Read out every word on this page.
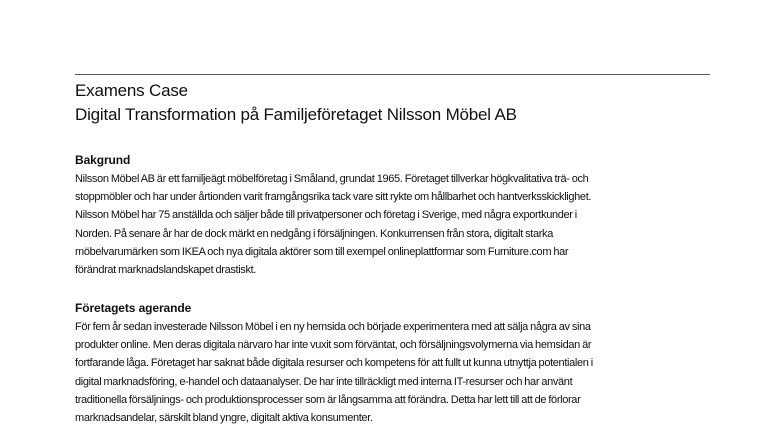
Examens Case
Digital Transformation på Familjeföretaget Nilsson Möbel AB
Bakgrund
Nilsson Möbel AB är ett familjeägt möbelföretag i Småland, grundat 1965. Företaget tillverkar högkvalitativa trä- och
stoppmöbler och har under årtionden varit framgångsrika tack vare sitt rykte om hållbarhet och hantverksskicklighet.
Nilsson Möbel har 75 anställda och säljer både till privatpersoner och företag i Sverige, med några exportkunder i
Norden. På senare år har de dock märkt en nedgång i försäljningen. Konkurrensen från stora, digitalt starka
möbelvarumärken som IKEA och nya digitala aktörer som till exempel onlineplattformar som Furniture.com har
förändrat marknadslandskapet drastiskt.
Företagets agerande
För fem år sedan investerade Nilsson Möbel i en ny hemsida och började experimentera med att sälja några av sina
produkter online. Men deras digitala närvaro har inte vuxit som förväntat, och försäljningsvolymerna via hemsidan är
fortfarande låga. Företaget har saknat både digitala resurser och kompetens för att fullt ut kunna utnyttja potentialen i
digital marknadsföring, e-handel och dataanalyser. De har inte tillräckligt med interna IT-resurser och har använt
traditionella försäljnings- och produktionsprocesser som är långsamma att förändra. Detta har lett till att de förlorar
marknadsandelar, särskilt bland yngre, digitalt aktiva konsumenter.
